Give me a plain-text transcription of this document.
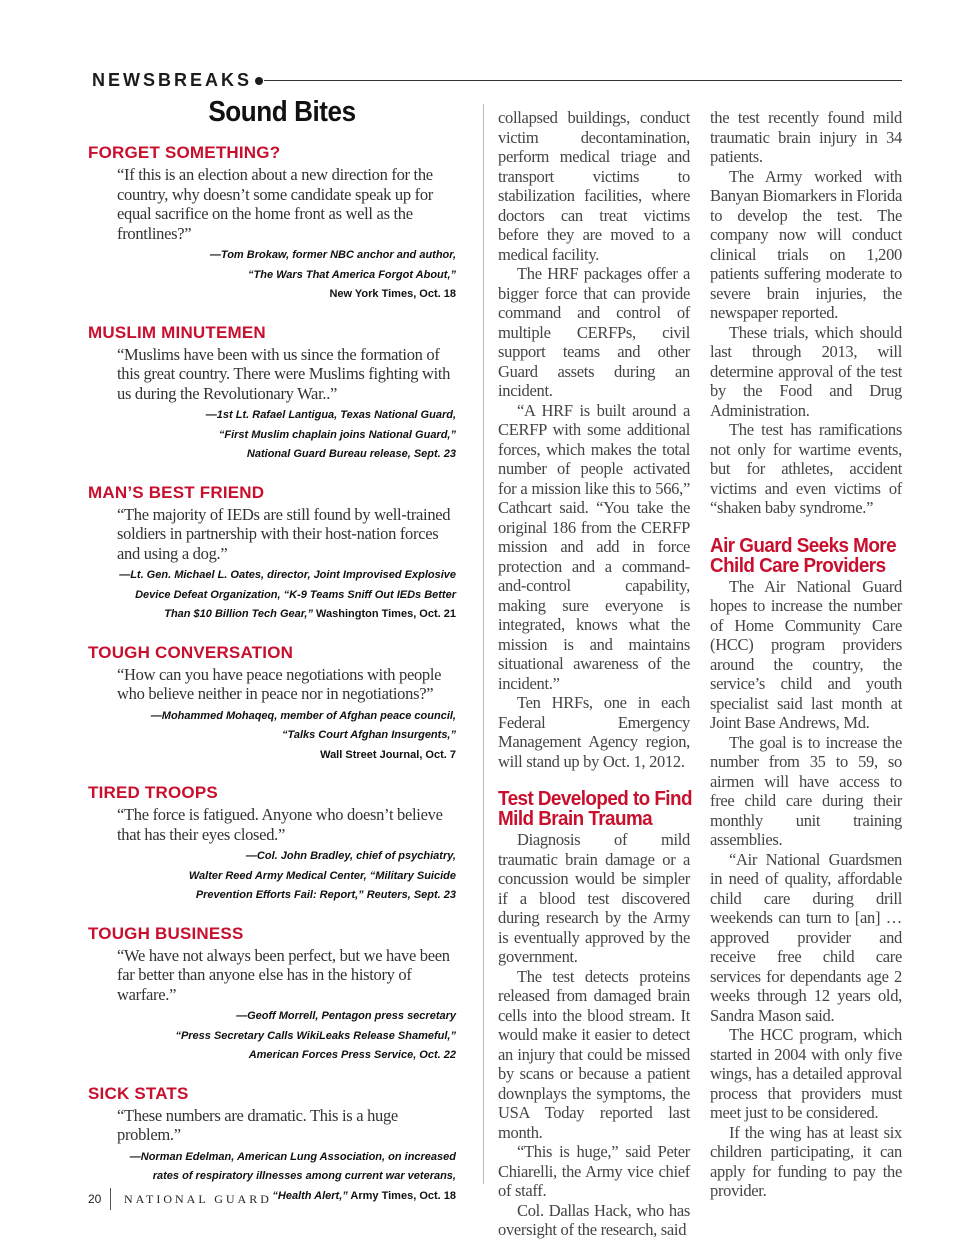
NEWSBREAKS
Sound Bites
FORGET SOMETHING?
“If this is an election about a new direction for the country, why doesn’t some candidate speak up for equal sacrifice on the home front as well as the frontlines?”
—Tom Brokaw, former NBC anchor and author,
“The Wars That America Forgot About,”
New York Times, Oct. 18
MUSLIM MINUTEMEN
“Muslims have been with us since the formation of this great country. There were Muslims fighting with us during the Revolutionary War..”
—1st Lt. Rafael Lantigua, Texas National Guard,
“First Muslim chaplain joins National Guard,”
National Guard Bureau release, Sept. 23
MAN’S BEST FRIEND
“The majority of IEDs are still found by well-trained soldiers in partnership with their host-nation forces and using a dog.”
—Lt. Gen. Michael L. Oates, director, Joint Improvised Explosive
Device Defeat Organization, “K-9 Teams Sniff Out IEDs Better
Than $10 Billion Tech Gear,” Washington Times, Oct. 21
TOUGH CONVERSATION
“How can you have peace negotiations with people who believe neither in peace nor in negotiations?”
—Mohammed Mohaqeq, member of Afghan peace council,
“Talks Court Afghan Insurgents,”
Wall Street Journal, Oct. 7
TIRED TROOPS
“The force is fatigued. Anyone who doesn’t believe that has their eyes closed.”
—Col. John Bradley, chief of psychiatry,
Walter Reed Army Medical Center, “Military Suicide
Prevention Efforts Fail: Report,” Reuters, Sept. 23
TOUGH BUSINESS
“We have not always been perfect, but we have been far better than anyone else has in the history of warfare.”
—Geoff Morrell, Pentagon press secretary
“Press Secretary Calls WikiLeaks Release Shameful,”
American Forces Press Service, Oct. 22
SICK STATS
“These numbers are dramatic. This is a huge problem.”
—Norman Edelman, American Lung Association, on increased
rates of respiratory illnesses among current war veterans,
“Health Alert,” Army Times, Oct. 18

collapsed buildings, conduct victim decontamination, perform medical triage and transport victims to stabilization facilities, where doctors can treat victims before they are moved to a medical facility.

The HRF packages offer a bigger force that can provide command and control of multiple CERFPs, civil support teams and other Guard assets during an incident.

“A HRF is built around a CERFP with some additional forces, which makes the total number of people activated for a mission like this to 566,” Cathcart said. “You take the original 186 from the CERFP mission and add in force protection and a command-and-control capability, making sure everyone is integrated, knows what the mission is and maintains situational awareness of the incident.”

Ten HRFs, one in each Federal Emergency Management Agency region, will stand up by Oct. 1, 2012.

Test Developed to Find
Mild Brain Trauma

Diagnosis of mild traumatic brain damage or a concussion would be simpler if a blood test discovered during research by the Army is eventually approved by the government.

The test detects proteins released from damaged brain cells into the blood stream. It would make it easier to detect an injury that could be missed by scans or because a patient downplays the symptoms, the USA Today reported last month.

“This is huge,” said Peter Chiarelli, the Army vice chief of staff.

Col. Dallas Hack, who has oversight of the research, said

the test recently found mild traumatic brain injury in 34 patients.

The Army worked with Banyan Biomarkers in Florida to develop the test. The company now will conduct clinical trials on 1,200 patients suffering moderate to severe brain injuries, the newspaper reported.

These trials, which should last through 2013, will determine approval of the test by the Food and Drug Administration.

The test has ramifications not only for wartime events, but for athletes, accident victims and even victims of “shaken baby syndrome.”

Air Guard Seeks More
Child Care Providers

The Air National Guard hopes to increase the number of Home Community Care (HCC) program providers around the country, the service’s child and youth specialist said last month at Joint Base Andrews, Md.

The goal is to increase the number from 35 to 59, so airmen will have access to free child care during their monthly unit training assemblies.

“Air National Guardsmen in need of quality, affordable child care during drill weekends can turn to [an] … approved provider and receive free child care services for dependants age 2 weeks through 12 years old, Sandra Mason said.

The HCC program, which started in 2004 with only five wings, has a detailed approval process that providers must meet just to be considered.

If the wing has at least six children participating, it can apply for funding to pay the provider.

20 NATIONAL GUARD
